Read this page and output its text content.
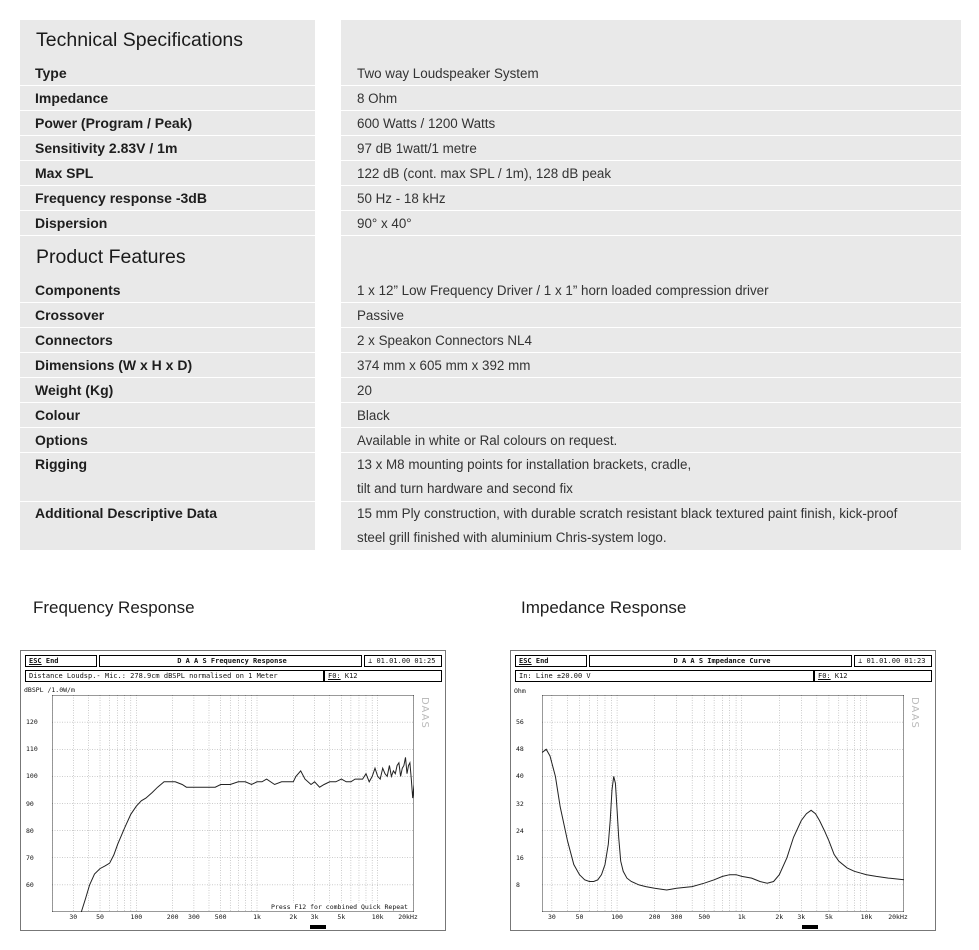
Technical Specifications
Type	Two way Loudspeaker System
Impedance	8 Ohm
Power (Program / Peak)	600 Watts / 1200 Watts
Sensitivity 2.83V / 1m	97 dB 1watt/1 metre
Max SPL	122 dB (cont. max SPL / 1m), 128 dB peak
Frequency response -3dB	50 Hz - 18 kHz
Dispersion	90° x 40°
Product Features
Components	1 x 12” Low Frequency Driver / 1 x 1” horn loaded compression driver
Crossover	Passive
Connectors	2 x Speakon Connectors NL4
Dimensions (W x H x D)	374 mm x 605 mm x 392 mm
Weight (Kg)	20
Colour	Black
Options	Available in white or Ral colours on request.
Rigging	13 x M8 mounting points for installation brackets, cradle,
tilt and turn hardware and second fix
Additional Descriptive Data	15 mm Ply construction, with durable scratch resistant black textured paint finish, kick-proof
steel grill finished with aluminium Chris-system logo.
Frequency Response	Impedance Response
ESC
End	D A A S Frequency Response	⊥ 01.01.00 01:25
Distance Loudsp.- Mic.: 278.9cm dBSPL normalised on 1 Meter	F0:
K12
dBSPL /1.0W/m
DAAS
60
70
80
90
100
110
120
30	50	100	200 300 500	1k	2k 3k	5k	10k 20kHz
Press F12 for combined Quick Repeat
ESC
End	D A A S Impedance Curve	⊥ 01.01.00 01:23
In: Line ±20.00 V	F0:
K12
Ohm
DAAS
8
16
24
32
40
48
56
30	50	100	200 300 500	1k	2k 3k	5k	10k 20kHz
